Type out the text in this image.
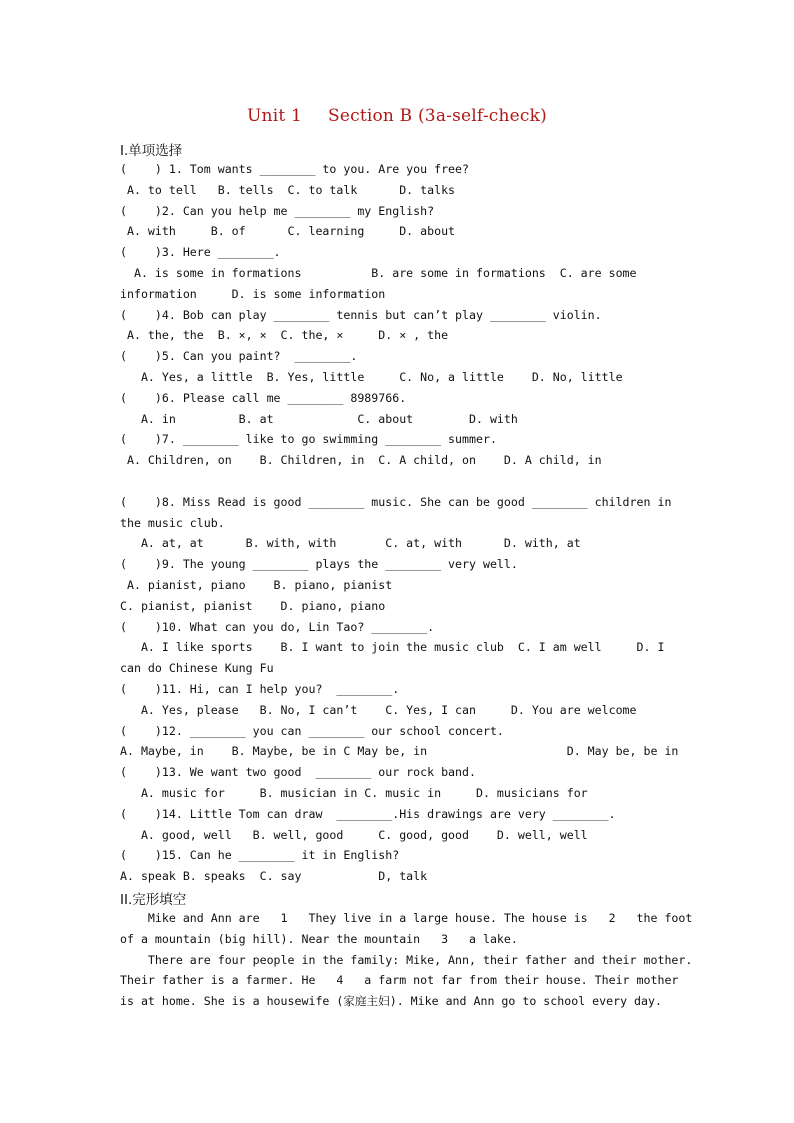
Unit 1 Section B (3a-self-check)
I.单项选择
(    ) 1. Tom wants ________ to you. Are you free?
A. to tell   B. tells  C. to talk      D. talks
(    )2. Can you help me ________ my English?
A. with     B. of      C. learning     D. about
(    )3. Here ________.
A. is some in formations          B. are some in formations  C. are some
information     D. is some information
(    )4. Bob can play ________ tennis but can’t play ________ violin.
A. the, the  B. ×, ×  C. the, ×     D. × , the
(    )5. Can you paint?  ________.
A. Yes, a little  B. Yes, little     C. No, a little    D. No, little
(    )6. Please call me ________ 8989766.
A. in         B. at            C. about        D. with
(    )7. ________ like to go swimming ________ summer.
A. Children, on    B. Children, in  C. A child, on    D. A child, in
(    )8. Miss Read is good ________ music. She can be good ________ children in
the music club.
A. at, at      B. with, with       C. at, with      D. with, at
(    )9. The young ________ plays the ________ very well.
A. pianist, piano    B. piano, pianist
C. pianist, pianist    D. piano, piano
(    )10. What can you do, Lin Tao? ________.
A. I like sports    B. I want to join the music club  C. I am well     D. I
can do Chinese Kung Fu
(    )11. Hi, can I help you?  ________.
A. Yes, please   B. No, I can’t    C. Yes, I can     D. You are welcome
(    )12. ________ you can ________ our school concert.
A. Maybe, in    B. Maybe, be in C May be, in                    D. May be, be in
(    )13. We want two good  ________ our rock band.
A. music for     B. musician in C. music in     D. musicians for
(    )14. Little Tom can draw  ________.His drawings are very ________.
A. good, well   B. well, good     C. good, good    D. well, well
(    )15. Can he ________ it in English?
A. speak B. speaks  C. say           D, talk
II.完形填空
Mike and Ann are   1   They live in a large house. The house is   2   the foot
of a mountain (big hill). Near the mountain   3   a lake.
There are four people in the family: Mike, Ann, their father and their mother.
Their father is a farmer. He   4   a farm not far from their house. Their mother
is at home. She is a housewife (家庭主妇). Mike and Ann go to school every day.
